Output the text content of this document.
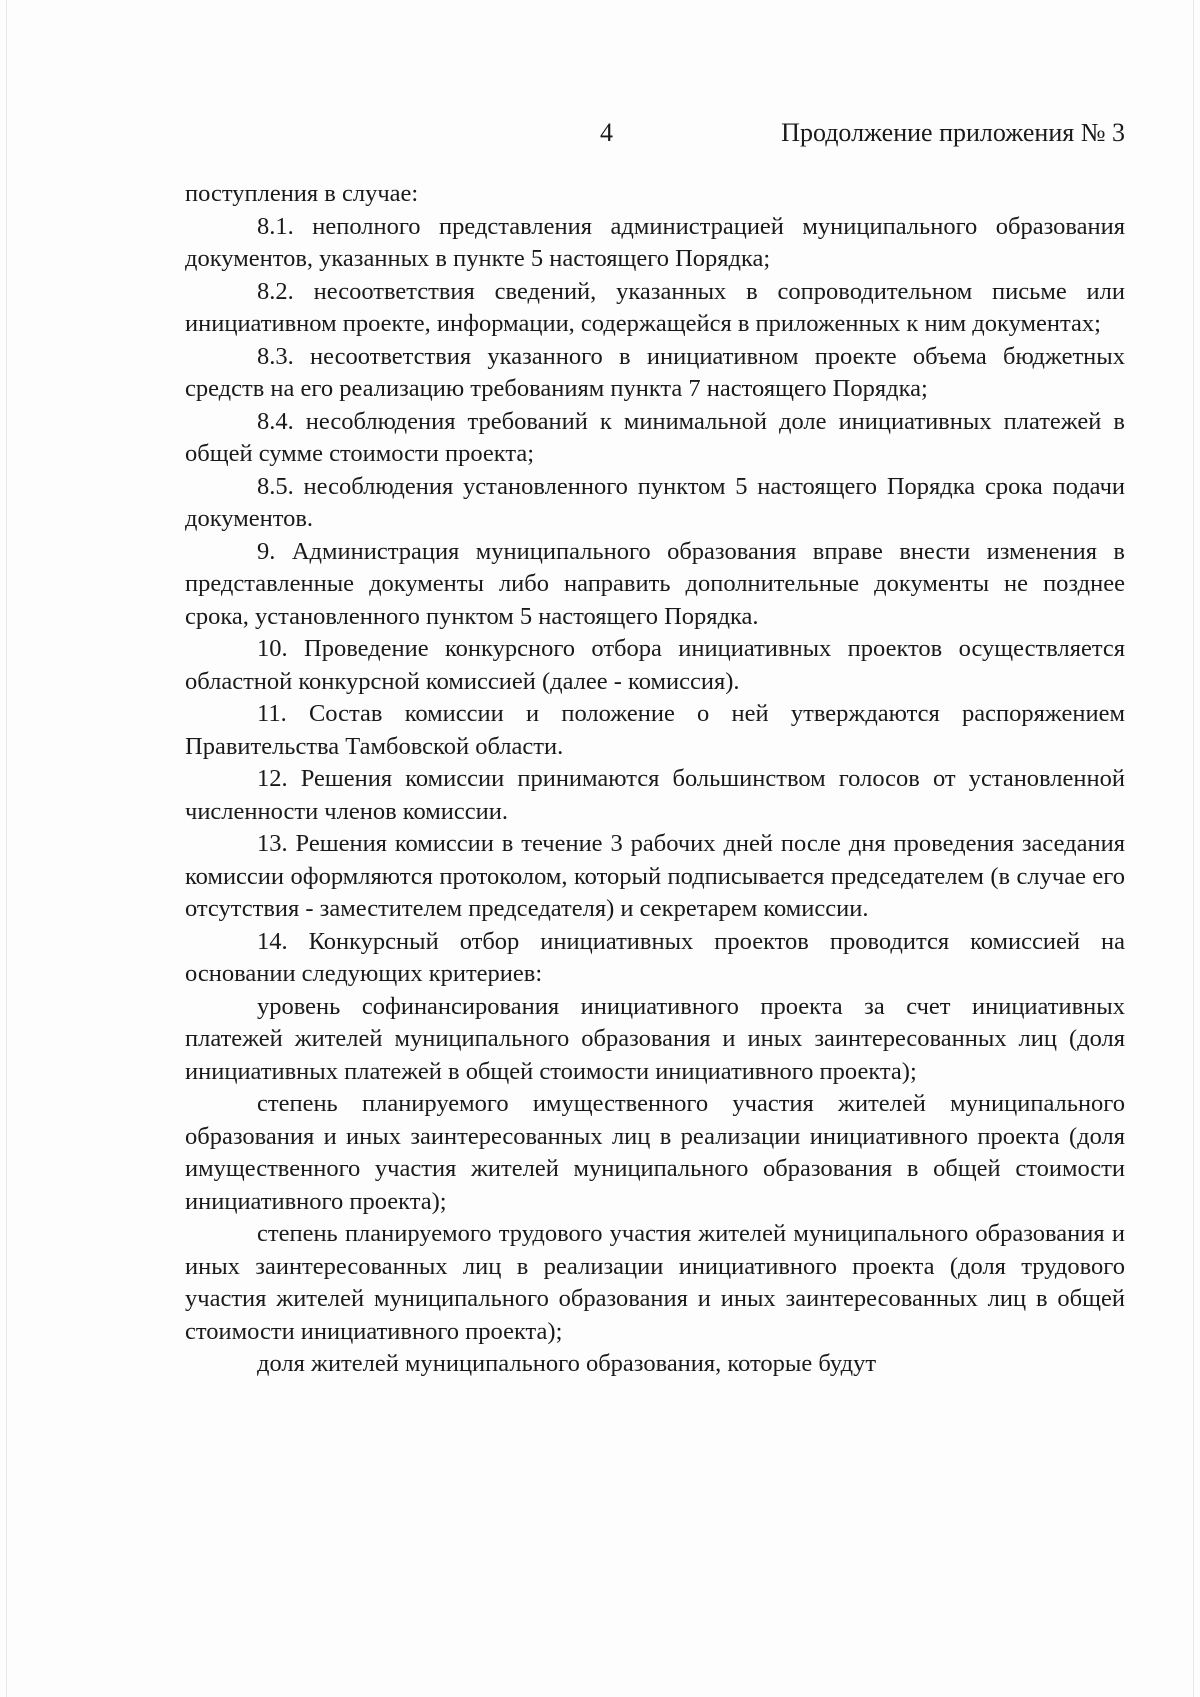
4	Продолжение приложения № 3

поступления в случае:

8.1. неполного представления администрацией муниципального образования документов, указанных в пункте 5 настоящего Порядка;

8.2. несоответствия сведений, указанных в сопроводительном письме или инициативном проекте, информации, содержащейся в приложенных к ним документах;

8.3. несоответствия указанного в инициативном проекте объема бюджетных средств на его реализацию требованиям пункта 7 настоящего Порядка;

8.4. несоблюдения требований к минимальной доле инициативных платежей в общей сумме стоимости проекта;

8.5. несоблюдения установленного пунктом 5 настоящего Порядка срока подачи документов.

9. Администрация муниципального образования вправе внести изменения в представленные документы либо направить дополнительные документы не позднее срока, установленного пунктом 5 настоящего Порядка.

10. Проведение конкурсного отбора инициативных проектов осуществляется областной конкурсной комиссией (далее - комиссия).

11. Состав комиссии и положение о ней утверждаются распоряжением Правительства Тамбовской области.

12. Решения комиссии принимаются большинством голосов от установленной численности членов комиссии.

13. Решения комиссии в течение 3 рабочих дней после дня проведения заседания комиссии оформляются протоколом, который подписывается председателем (в случае его отсутствия - заместителем председателя) и секретарем комиссии.

14. Конкурсный отбор инициативных проектов проводится комиссией на основании следующих критериев:

уровень софинансирования инициативного проекта за счет инициативных платежей жителей муниципального образования и иных заинтересованных лиц (доля инициативных платежей в общей стоимости инициативного проекта);

степень планируемого имущественного участия жителей муниципального образования и иных заинтересованных лиц в реализации инициативного проекта (доля имущественного участия жителей муниципального образования в общей стоимости инициативного проекта);

степень планируемого трудового участия жителей муниципального образования и иных заинтересованных лиц в реализации инициативного проекта (доля трудового участия жителей муниципального образования и иных заинтересованных лиц в общей стоимости инициативного проекта);

доля жителей муниципального образования, которые будут
